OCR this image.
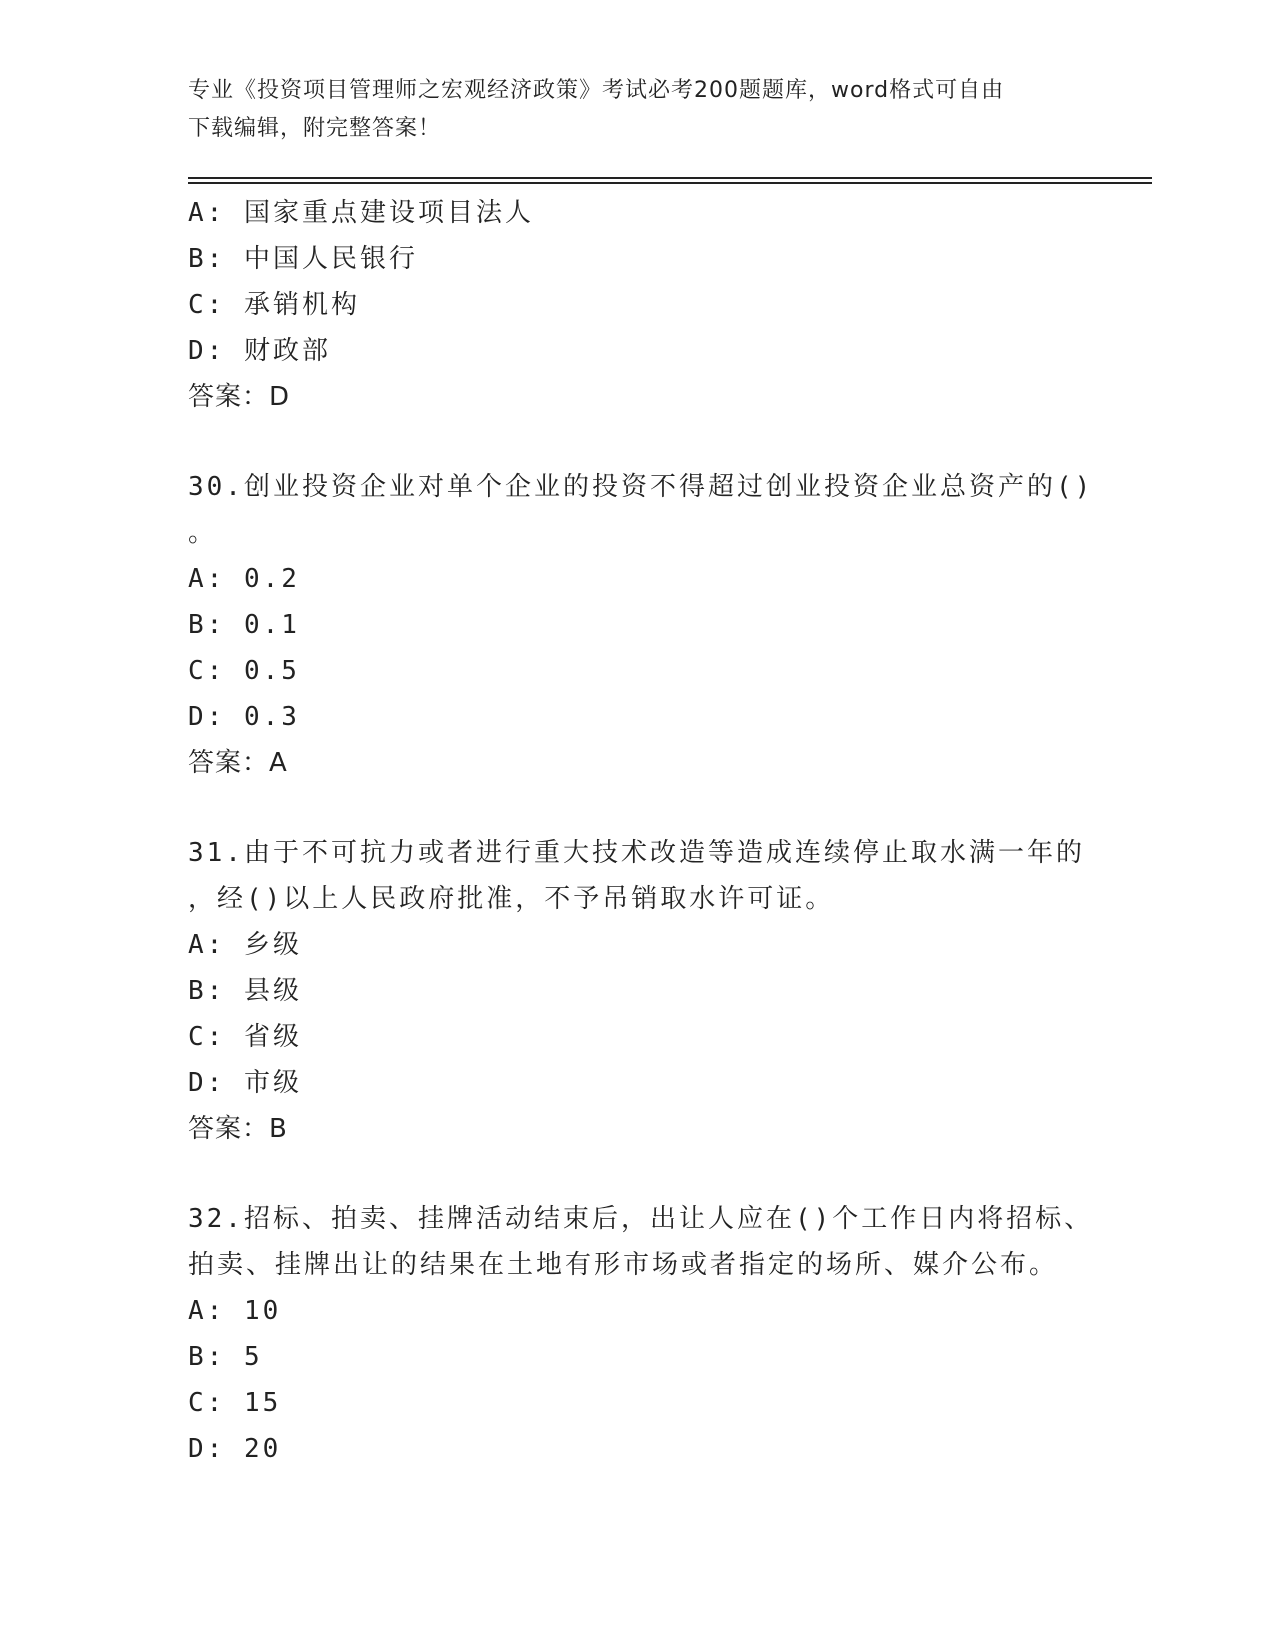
专业《投资项目管理师之宏观经济政策》考试必考200题题库，word格式可自由
下载编辑，附完整答案！
A: 国家重点建设项目法人
B: 中国人民银行
C: 承销机构
D: 财政部
答案：D
30.创业投资企业对单个企业的投资不得超过创业投资企业总资产的()
。
A: 0.2
B: 0.1
C: 0.5
D: 0.3
答案：A
31.由于不可抗力或者进行重大技术改造等造成连续停止取水满一年的
，经()以上人民政府批准，不予吊销取水许可证。
A: 乡级
B: 县级
C: 省级
D: 市级
答案：B
32.招标、拍卖、挂牌活动结束后，出让人应在()个工作日内将招标、
拍卖、挂牌出让的结果在土地有形市场或者指定的场所、媒介公布。
A: 10
B: 5
C: 15
D: 20
